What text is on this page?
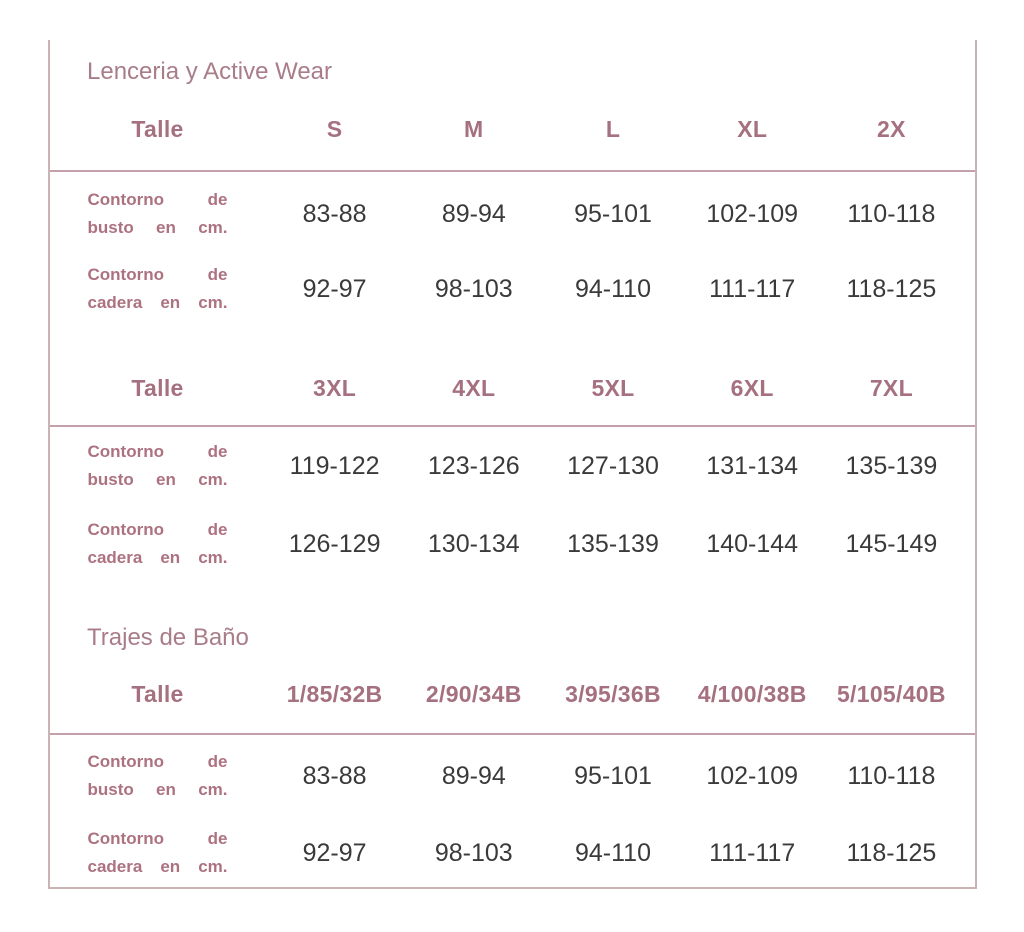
Lenceria y Active Wear
Talle	S	M	L	XL	2X
Contorno de
busto en cm.	83-88	89-94	95-101	102-109	110-118
Contorno de
cadera en cm.	92-97	98-103	94-110	111-117	118-125
Talle	3XL	4XL	5XL	6XL	7XL
Contorno de
busto en cm.	119-122	123-126	127-130	131-134	135-139
Contorno de
cadera en cm.	126-129	130-134	135-139	140-144	145-149
Trajes de Baño
Talle	1/85/32B	2/90/34B	3/95/36B	4/100/38B	5/105/40B
Contorno de
busto en cm.	83-88	89-94	95-101	102-109	110-118
Contorno de
cadera en cm.	92-97	98-103	94-110	111-117	118-125
